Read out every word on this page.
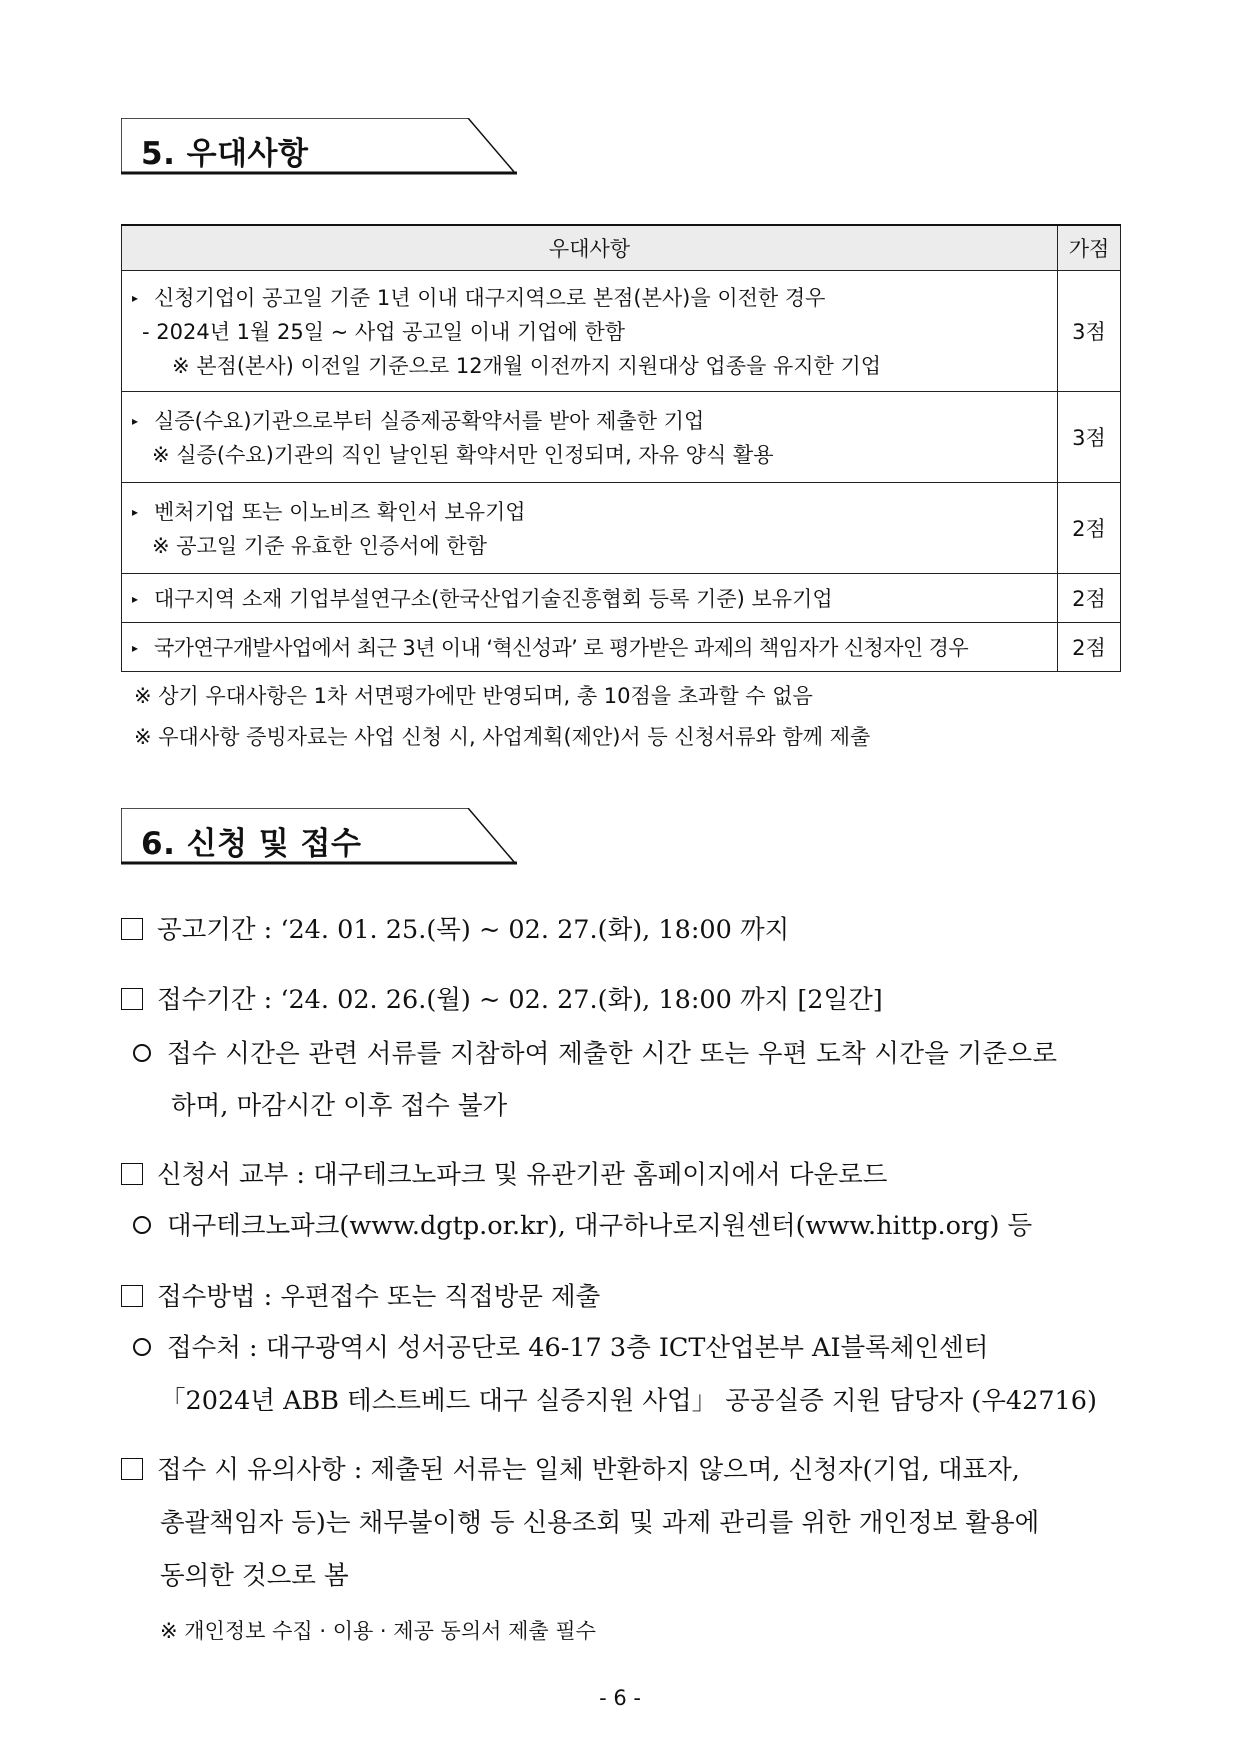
5. 우대사항
우대사항	가점

▸ 신청기업이 공고일 기준 1년 이내 대구지역으로 본점(본사)을 이전한 경우
- 2024년 1월 25일 ~ 사업 공고일 이내 기업에 한함
※ 본점(본사) 이전일 기준으로 12개월 이전까지 지원대상 업종을 유지한 기업	3점

▸ 실증(수요)기관으로부터 실증제공확약서를 받아 제출한 기업
※ 실증(수요)기관의 직인 날인된 확약서만 인정되며, 자유 양식 활용	3점

▸ 벤처기업 또는 이노비즈 확인서 보유기업
※ 공고일 기준 유효한 인증서에 한함	2점

▸ 대구지역 소재 기업부설연구소(한국산업기술진흥협회 등록 기준) 보유기업	2점

▸ 국가연구개발사업에서 최근 3년 이내 ‘혁신성과’ 로 평가받은 과제의 책임자가 신청자인 경우	2점
※ 상기 우대사항은 1차 서면평가에만 반영되며, 총 10점을 초과할 수 없음
※ 우대사항 증빙자료는 사업 신청 시, 사업계획(제안)서 등 신청서류와 함께 제출
6. 신청 및 접수
공고기간 : ‘24. 01. 25.(목) ~ 02. 27.(화), 18:00 까지
접수기간 : ‘24. 02. 26.(월) ~ 02. 27.(화), 18:00 까지 [2일간]
접수 시간은 관련 서류를 지참하여 제출한 시간 또는 우편 도착 시간을 기준으로
하며, 마감시간 이후 접수 불가
신청서 교부 : 대구테크노파크 및 유관기관 홈페이지에서 다운로드
대구테크노파크(www.dgtp.or.kr), 대구하나로지원센터(www.hittp.org) 등
접수방법 : 우편접수 또는 직접방문 제출
접수처 : 대구광역시 성서공단로 46-17 3층 ICT산업본부 AI블록체인센터
「2024년 ABB 테스트베드 대구 실증지원 사업」 공공실증 지원 담당자 (우42716)
접수 시 유의사항 : 제출된 서류는 일체 반환하지 않으며, 신청자(기업, 대표자,
총괄책임자 등)는 채무불이행 등 신용조회 및 과제 관리를 위한 개인정보 활용에
동의한 것으로 봄
※ 개인정보 수집 · 이용 · 제공 동의서 제출 필수
- 6 -
